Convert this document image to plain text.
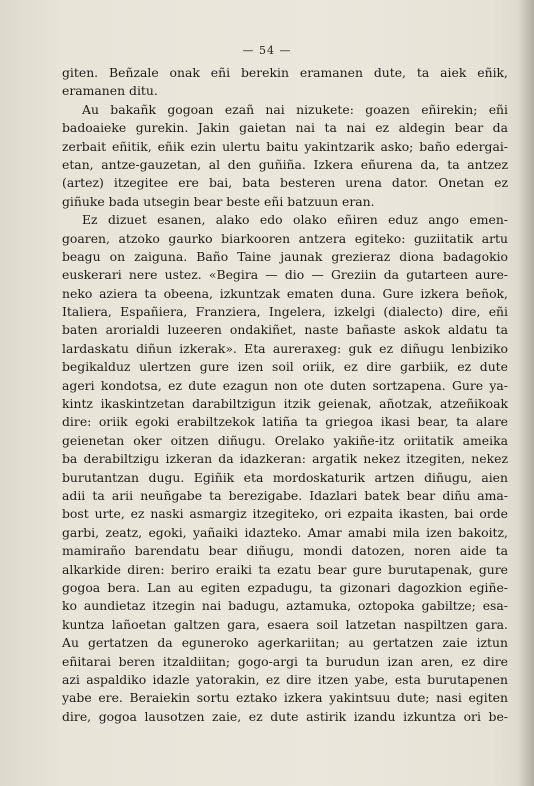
— 54 —
giten. Beñzale onak eñi berekin eramanen dute, ta aiek eñik,
eramanen ditu.
Au bakañk gogoan ezañ nai nizukete: goazen eñirekin; eñi
badoaieke gurekin. Jakin gaietan nai ta nai ez aldegin bear da
zerbait eñitik, eñik ezin ulertu baitu yakintzarik asko; baño edergai-
etan, antze-gauzetan, al den guñiña. Izkera eñurena da, ta antzez
(artez) itzegitee ere bai, bata besteren urena dator. Onetan ez
giñuke bada utsegin bear beste eñi batzuun eran.
Ez dizuet esanen, alako edo olako eñiren eduz ango emen-
goaren, atzoko gaurko biarkooren antzera egiteko: guziitatik artu
beagu on zaiguna. Baño Taine jaunak grezieraz diona badagokio
euskerari nere ustez. «Begira — dio — Greziin da gutarteen aure-
neko aziera ta obeena, izkuntzak ematen duna. Gure izkera beñok,
Italiera, Españiera, Franziera, Ingelera, izkelgi (dialecto) dire, eñi
baten arorialdi luzeeren ondakiñet, naste bañaste askok aldatu ta
lardaskatu diñun izkerak». Eta aureraxeg: guk ez diñugu lenbiziko
begikalduz ulertzen gure izen soil oriik, ez dire garbiik, ez dute
ageri kondotsa, ez dute ezagun non ote duten sortzapena. Gure ya-
kintz ikaskintzetan darabiltzigun itzik geienak, añotzak, atzeñikoak
dire: oriik egoki erabiltzekok latiña ta griegoa ikasi bear, ta alare
geienetan oker oitzen diñugu. Orelako yakiñe-itz oriitatik ameika
ba derabiltzigu izkeran da idazkeran: argatik nekez itzegiten, nekez
burutantzan dugu. Egiñik eta mordoskaturik artzen diñugu, aien
adii ta arii neuñgabe ta berezigabe. Idazlari batek bear diñu ama-
bost urte, ez naski asmargiz itzegiteko, ori ezpaita ikasten, bai orde
garbi, zeatz, egoki, yañaiki idazteko. Amar amabi mila izen bakoitz,
mamiraño barendatu bear diñugu, mondi datozen, noren aide ta
alkarkide diren: beriro eraiki ta ezatu bear gure burutapenak, gure
gogoa bera. Lan au egiten ezpadugu, ta gizonari dagozkion egiñe-
ko aundietaz itzegin nai badugu, aztamuka, oztopoka gabiltze; esa-
kuntza lañoetan galtzen gara, esaera soil latzetan naspiltzen gara.
Au gertatzen da eguneroko agerkariitan; au gertatzen zaie iztun
eñitarai beren itzaldiitan; gogo-argi ta burudun izan aren, ez dire
azi aspaldiko idazle yatorakin, ez dire itzen yabe, esta burutapenen
yabe ere. Beraiekin sortu eztako izkera yakintsuu dute; nasi egiten
dire, gogoa lausotzen zaie, ez dute astirik izandu izkuntza ori be-
